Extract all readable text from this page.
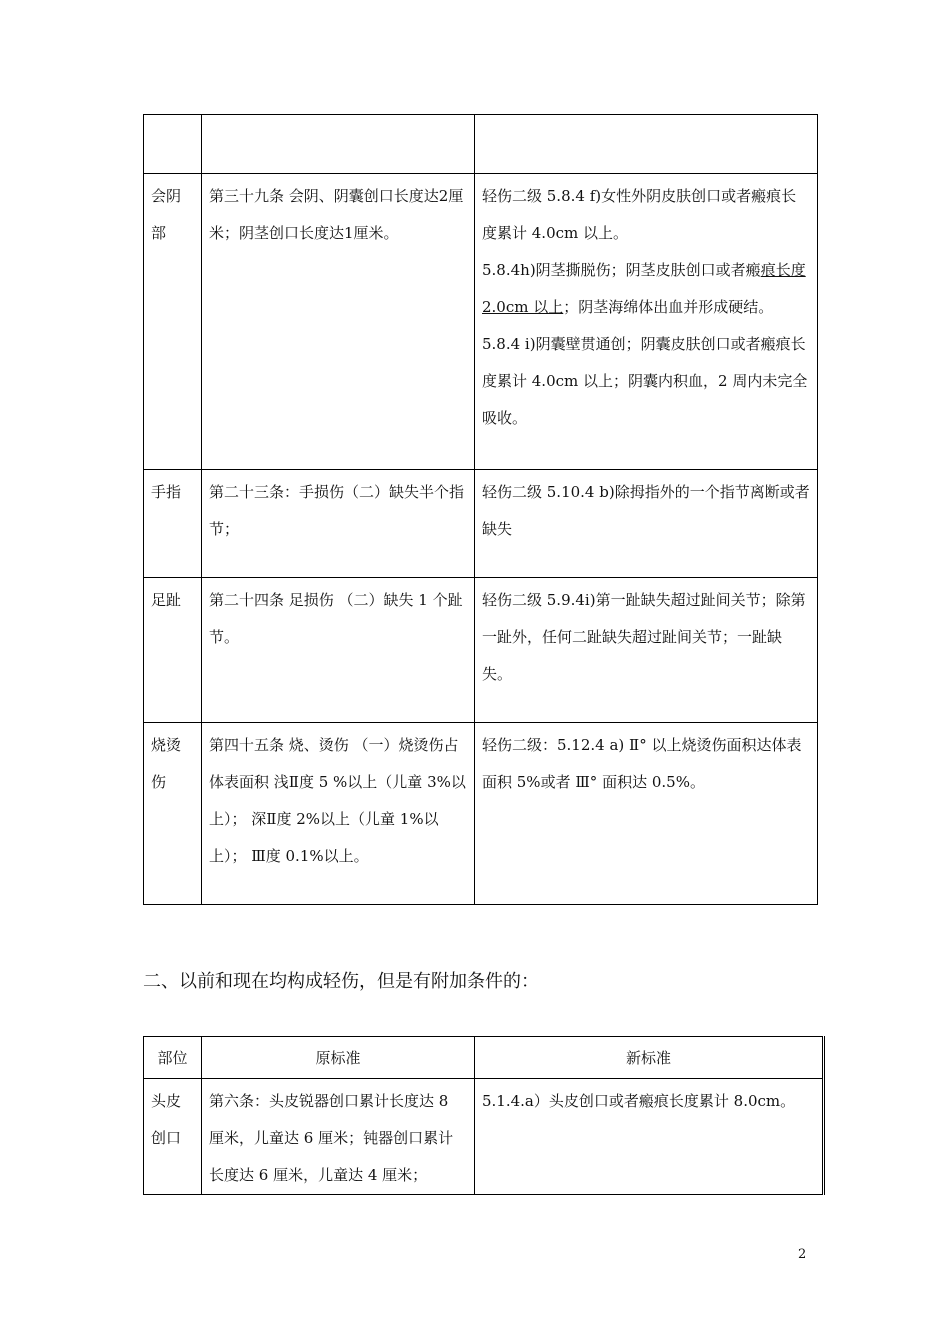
会阴部	第三十九条 会阴、阴囊创口长度达2厘米；阴茎创口长度达1厘米。	轻伤二级 5.8.4 f)女性外阴皮肤创口或者瘢痕长度累计 4.0cm 以上。
5.8.4h)阴茎撕脱伤；阴茎皮肤创口或者瘢痕长度 2.0cm 以上；阴茎海绵体出血并形成硬结。
5.8.4 i)阴囊壁贯通创；阴囊皮肤创口或者瘢痕长度累计 4.0cm 以上；阴囊内积血，2 周内未完全吸收。

手指	第二十三条：手损伤（二）缺失半个指节；	轻伤二级 5.10.4 b)除拇指外的一个指节离断或者缺失
足趾	第二十四条 足损伤 （二）缺失 1 个趾节。	轻伤二级 5.9.4i)第一趾缺失超过趾间关节；除第一趾外，任何二趾缺失超过趾间关节；一趾缺失。
烧烫伤	第四十五条 烧、烫伤 （一）烧烫伤占体表面积 浅Ⅱ度 5 %以上（儿童 3%以上）； 深Ⅱ度 2%以上（儿童 1%以上）； Ⅲ度 0.1%以上。	轻伤二级：5.12.4 a) Ⅱ° 以上烧烫伤面积达体表面积 5%或者 Ⅲ° 面积达 0.5%。

二、以前和现在均构成轻伤，但是有附加条件的：

部位	原标准	新标准
头皮创口	第六条：头皮锐器创口累计长度达 8 厘米，儿童达 6 厘米；钝器创口累计长度达 6 厘米，儿童达 4 厘米；	5.1.4.a）头皮创口或者瘢痕长度累计 8.0cm。
2
